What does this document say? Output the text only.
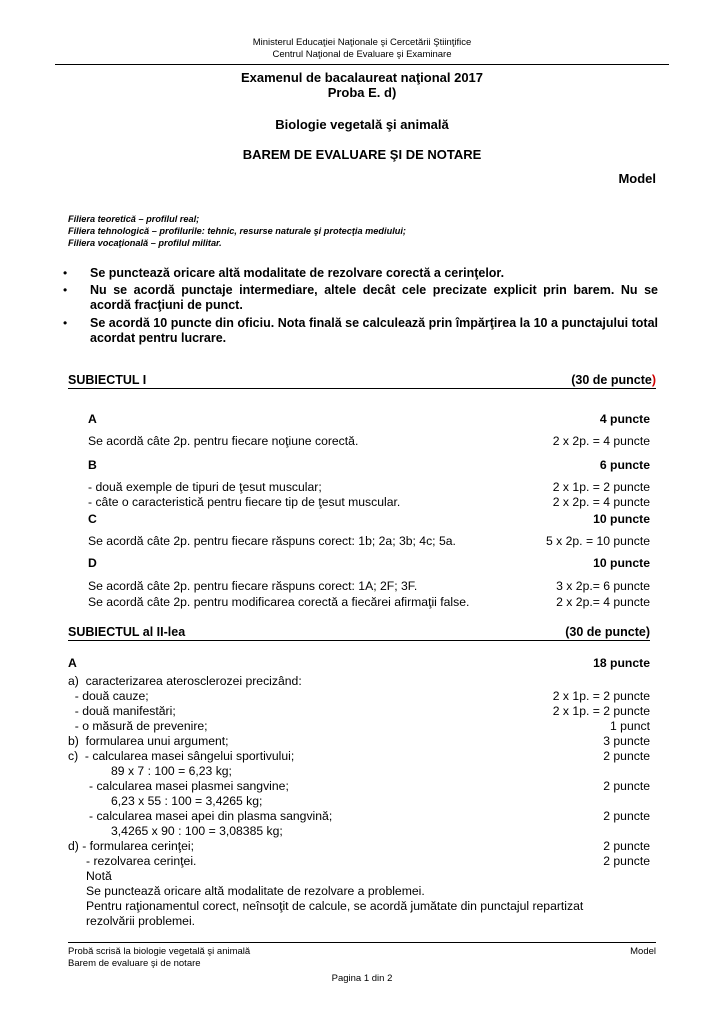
Ministerul Educaţiei Naţionale şi Cercetării Ştiinţifice
Centrul Naţional de Evaluare şi Examinare
Examenul de bacalaureat naţional 2017
Proba E. d)
Biologie vegetală şi animală
BAREM DE EVALUARE ŞI DE NOTARE
Model
Filiera teoretică – profilul real;
Filiera tehnologică – profilurile: tehnic, resurse naturale şi protecţia mediului;
Filiera vocaţională – profilul militar.
• Se punctează oricare altă modalitate de rezolvare corectă a cerinţelor.
• Nu se acordă punctaje intermediare, altele decât cele precizate explicit prin barem. Nu se acordă fracţiuni de punct.
• Se acordă 10 puncte din oficiu. Nota finală se calculează prin împărţirea la 10 a punctajului total acordat pentru lucrare.
SUBIECTUL I	(30 de puncte)
A	4 puncte
Se acordă câte 2p. pentru fiecare noţiune corectă.	2 x 2p. = 4 puncte
B	6 puncte
- două exemple de tipuri de ţesut muscular;	2 x 1p. = 2 puncte
- câte o caracteristică pentru fiecare tip de ţesut muscular.	2 x 2p. = 4 puncte
C	10 puncte
Se acordă câte 2p. pentru fiecare răspuns corect: 1b; 2a; 3b; 4c; 5a.	5 x 2p. = 10 puncte
D	10 puncte
Se acordă câte 2p. pentru fiecare răspuns corect: 1A; 2F; 3F.	3 x 2p.= 6 puncte
Se acordă câte 2p. pentru modificarea corectă a fiecărei afirmaţii false.	2 x 2p.= 4 puncte
SUBIECTUL al II-lea	(30 de puncte)
A	18 puncte
a)  caracterizarea aterosclerozei precizând:
- două cauze;	2 x 1p. = 2 puncte
- două manifestări;	2 x 1p. = 2 puncte
- o măsură de prevenire;	1 punct
b)  formularea unui argument;	3 puncte
c)  - calcularea masei sângelui sportivului;	2 puncte
89 x 7 : 100 = 6,23 kg;
- calcularea masei plasmei sangvine;	2 puncte
6,23 x 55 : 100 = 3,4265 kg;
- calcularea masei apei din plasma sangvină;	2 puncte
3,4265 x 90 : 100 = 3,08385 kg;
d) - formularea cerinţei;	2 puncte
- rezolvarea cerinţei.	2 puncte
Notă
Se punctează oricare altă modalitate de rezolvare a problemei.
Pentru raţionamentul corect, neînsoţit de calcule, se acordă jumătate din punctajul repartizat
rezolvării problemei.
Probă scrisă la biologie vegetală şi animală	Model
Barem de evaluare şi de notare
Pagina 1 din 2
